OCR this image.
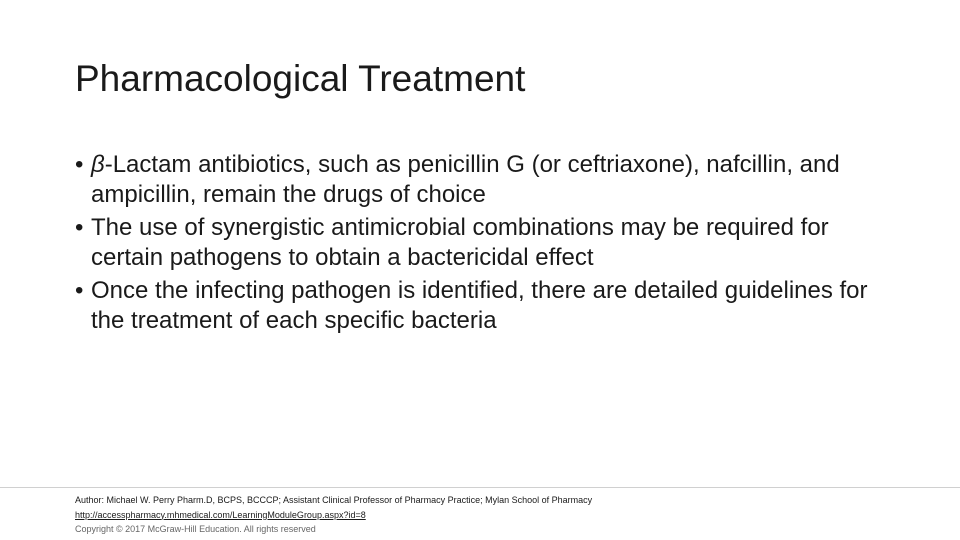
Pharmacological Treatment
• β-Lactam antibiotics, such as penicillin G (or ceftriaxone), nafcillin, and ampicillin, remain the drugs of choice
• The use of synergistic antimicrobial combinations may be required for certain pathogens to obtain a bactericidal effect
• Once the infecting pathogen is identified, there are detailed guidelines for the treatment of each specific bacteria
Author: Michael W. Perry Pharm.D, BCPS, BCCCP; Assistant Clinical Professor of Pharmacy Practice; Mylan School of Pharmacy
http://accesspharmacy.mhmedical.com/LearningModuleGroup.aspx?id=8
Copyright © 2017 McGraw-Hill Education. All rights reserved
